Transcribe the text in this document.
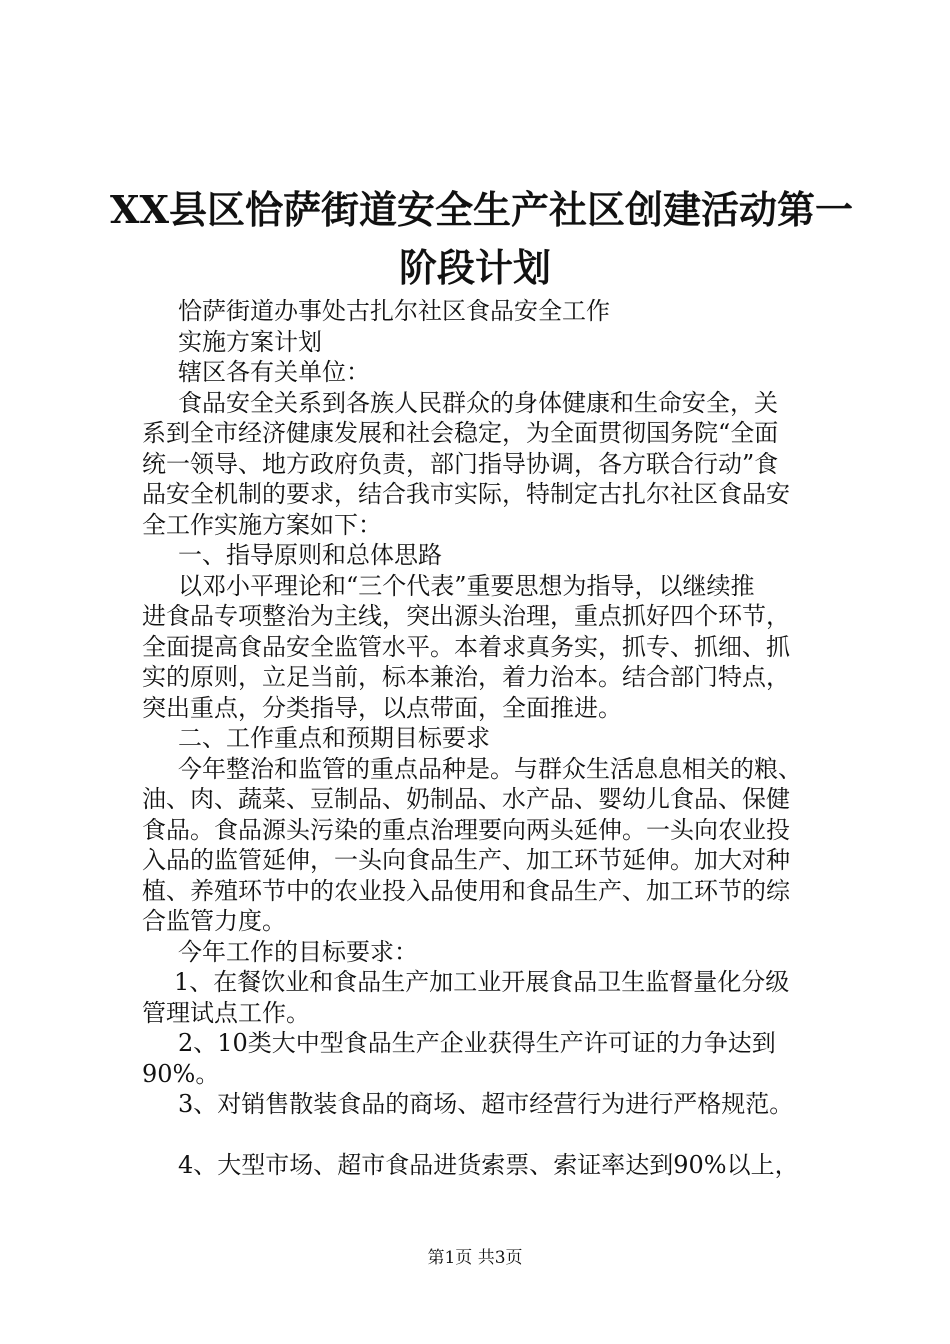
XX县区恰萨街道安全生产社区创建活动第一
阶段计划
恰萨街道办事处古扎尔社区食品安全工作
实施方案计划
辖区各有关单位：
食品安全关系到各族人民群众的身体健康和生命安全，关
系到全市经济健康发展和社会稳定，为全面贯彻国务院“全面
统一领导、地方政府负责，部门指导协调，各方联合行动”食
品安全机制的要求，结合我市实际，特制定古扎尔社区食品安
全工作实施方案如下：
一、指导原则和总体思路
以邓小平理论和“三个代表”重要思想为指导，以继续推
进食品专项整治为主线，突出源头治理，重点抓好四个环节，
全面提高食品安全监管水平。本着求真务实，抓专、抓细、抓
实的原则，立足当前，标本兼治，着力治本。结合部门特点，
突出重点，分类指导，以点带面，全面推进。
二、工作重点和预期目标要求
今年整治和监管的重点品种是。与群众生活息息相关的粮、
油、肉、蔬菜、豆制品、奶制品、水产品、婴幼儿食品、保健
食品。食品源头污染的重点治理要向两头延伸。一头向农业投
入品的监管延伸，一头向食品生产、加工环节延伸。加大对种
植、养殖环节中的农业投入品使用和食品生产、加工环节的综
合监管力度。
今年工作的目标要求：
1、在餐饮业和食品生产加工业开展食品卫生监督量化分级
管理试点工作。
2、10类大中型食品生产企业获得生产许可证的力争达到
90%。
3、对销售散装食品的商场、超市经营行为进行严格规范。
4、大型市场、超市食品进货索票、索证率达到90%以上，
第1页 共3页
